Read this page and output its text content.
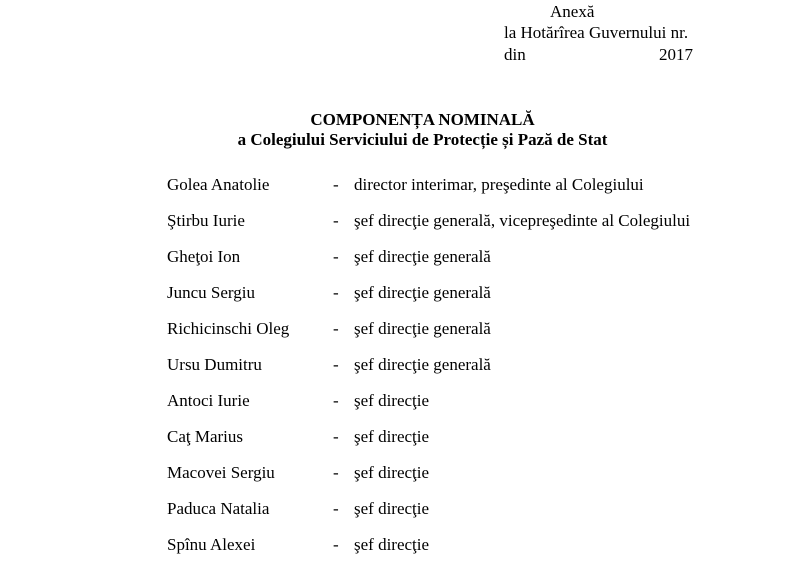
Anexă
la Hotărîrea Guvernului nr.
din	2017
COMPONENȚA NOMINALĂ
a Colegiului Serviciului de Protecție și Pază de Stat
Golea Anatolie	- director interimar, preşedinte al Colegiului
Ştirbu Iurie	- şef direcţie generală, vicepreşedinte al Colegiului
Gheţoi Ion	- şef direcţie generală
Juncu Sergiu	- şef direcţie generală
Richicinschi Oleg	- şef direcţie generală
Ursu Dumitru	- şef direcţie generală
Antoci Iurie	- şef direcţie
Caţ Marius	- şef direcţie
Macovei Sergiu	- şef direcţie
Paduca Natalia	- şef direcţie
Spînu Alexei	- şef direcţie
